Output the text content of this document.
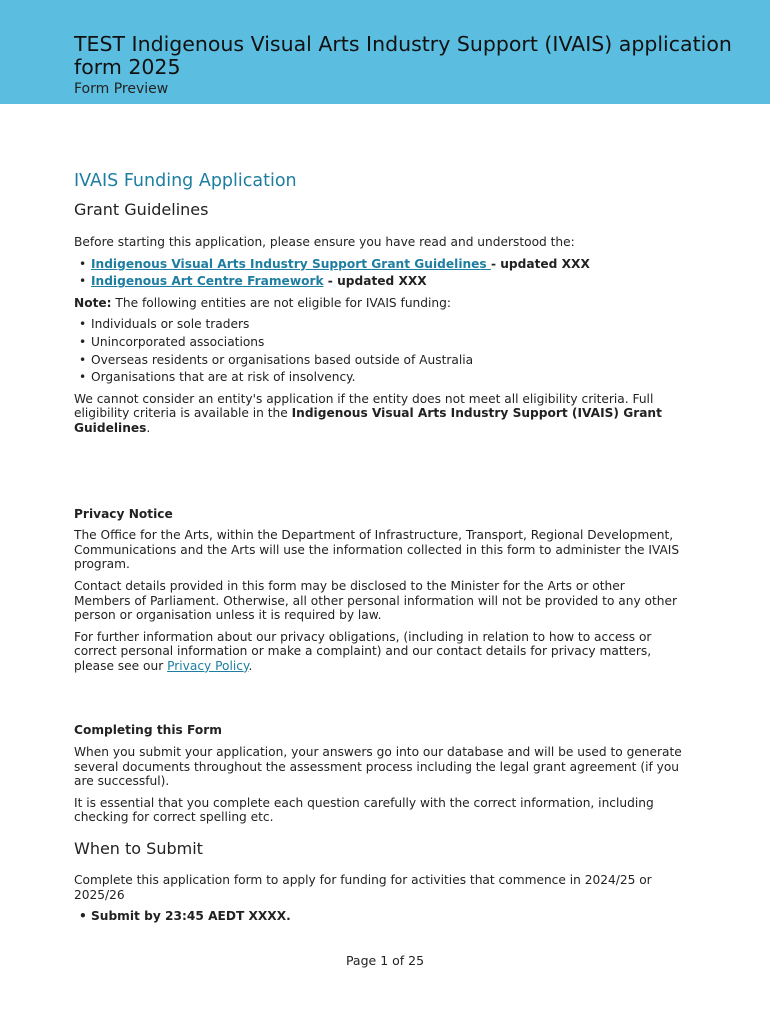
TEST Indigenous Visual Arts Industry Support (IVAIS) application form 2025
Form Preview
IVAIS Funding Application
Grant Guidelines

Before starting this application, please ensure you have read and understood the:

• Indigenous Visual Arts Industry Support Grant Guidelines - updated XXX
• Indigenous Art Centre Framework - updated XXX

Note: The following entities are not eligible for IVAIS funding:

• Individuals or sole traders
• Unincorporated associations
• Overseas residents or organisations based outside of Australia
• Organisations that are at risk of insolvency.

We cannot consider an entity's application if the entity does not meet all eligibility criteria. Full eligibility criteria is available in the Indigenous Visual Arts Industry Support (IVAIS) Grant Guidelines.

Privacy Notice

The Office for the Arts, within the Department of Infrastructure, Transport, Regional Development, Communications and the Arts will use the information collected in this form to administer the IVAIS program.

Contact details provided in this form may be disclosed to the Minister for the Arts or other Members of Parliament. Otherwise, all other personal information will not be provided to any other person or organisation unless it is required by law.

For further information about our privacy obligations, (including in relation to how to access or correct personal information or make a complaint) and our contact details for privacy matters, please see our Privacy Policy.

Completing this Form

When you submit your application, your answers go into our database and will be used to generate several documents throughout the assessment process including the legal grant agreement (if you are successful).

It is essential that you complete each question carefully with the correct information, including checking for correct spelling etc.

When to Submit

Complete this application form to apply for funding for activities that commence in 2024/25 or 2025/26

• Submit by 23:45 AEDT XXXX.
Page 1 of 25
